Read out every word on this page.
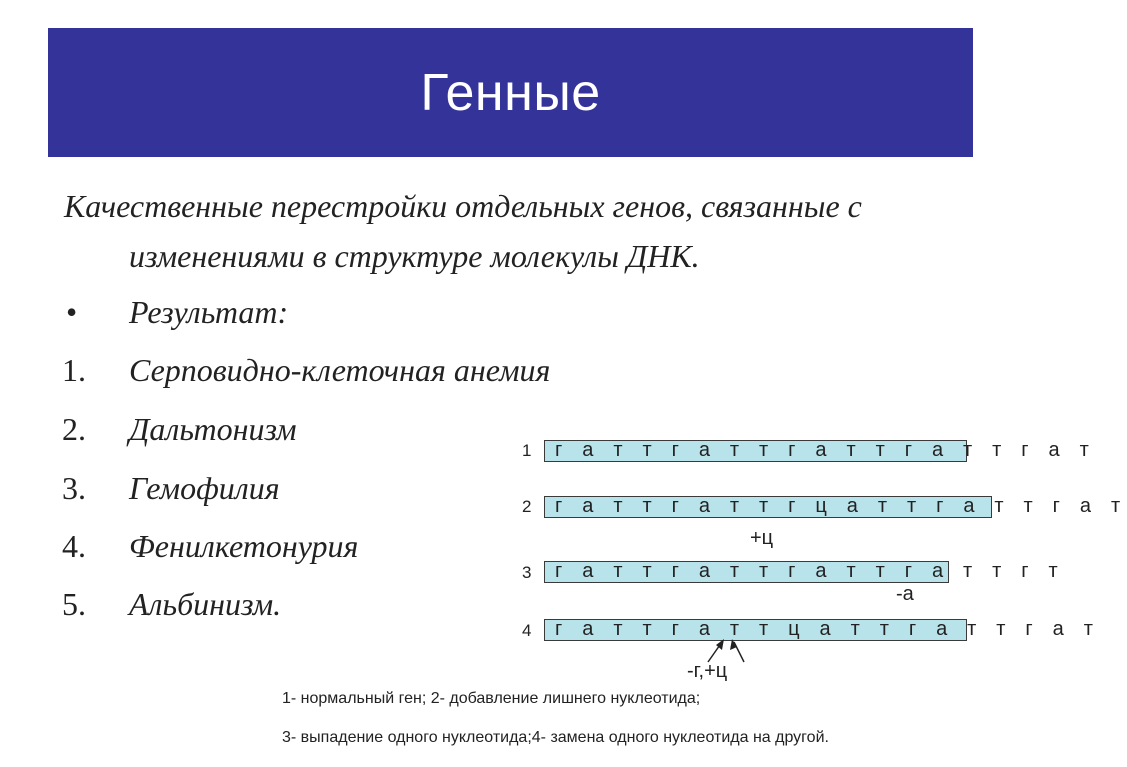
Генные
Качественные перестройки отдельных генов, связанные с
изменениями в структуре молекулы ДНК.
• Результат:
1. Серповидно-клеточная анемия
2. Дальтонизм
3. Гемофилия
4. Фенилкетонурия
5. Альбинизм.
1	г а т т г а т т г а т т г а т т г а т
2	г а т т г а т т г ц а т т г а т т г а т
+ц
3	г а т т г а т т г а т т г а т т г т
-а
4	г а т т г а т т ц а т т г а т т г а т
-г,+ц
1- нормальный ген; 2- добавление лишнего нуклеотида;
3- выпадение одного нуклеотида;4- замена одного нуклеотида на другой.
